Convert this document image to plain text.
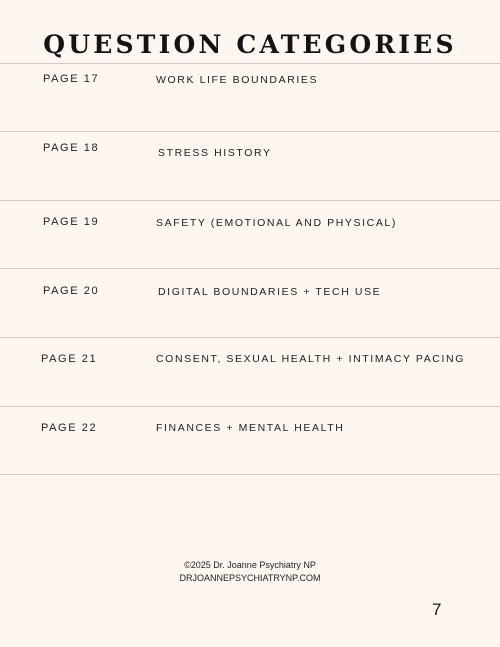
QUESTION CATEGORIES
PAGE 17	WORK LIFE BOUNDARIES
PAGE 18	STRESS HISTORY
PAGE 19	SAFETY (EMOTIONAL AND PHYSICAL)
PAGE 20	DIGITAL BOUNDARIES + TECH USE
PAGE 21	CONSENT, SEXUAL HEALTH + INTIMACY PACING
PAGE 22	FINANCES + MENTAL HEALTH
©2025 Dr. Joanne Psychiatry NP
DRJOANNEPSYCHIATRYNP.COM
7
